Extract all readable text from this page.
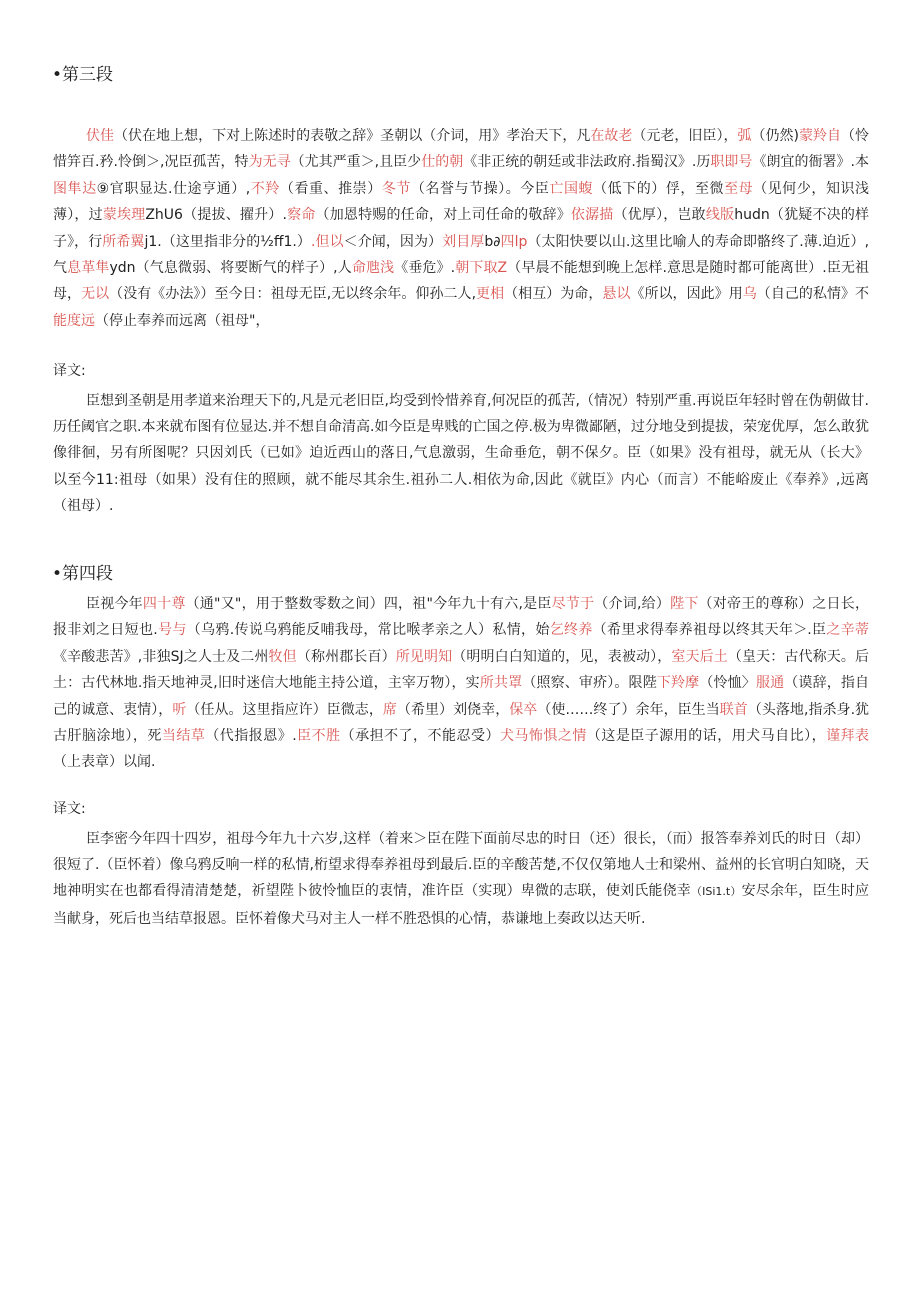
•第三段

伏佳（伏在地上想，下对上陈述时的表敬之辞》圣朝以（介词，用》孝治天下，凡在故老（元老，旧臣），弧（仍然)蒙羚自（怜惜笄百.矜.怜倒＞,况臣孤苦，特为无寻（尤其严重＞,且臣少仕的朝《非正统的朝廷或非法政府.指蜀汉》.历职即号《朗宜的衙署》.本图隼达⑨官职显达.仕途亨通）,不羚（看重、推崇）冬节（名誉与节操）。今臣亡国蝮（低下的）俘，至微至母（见何少，知识浅薄），过蒙埃理ZhU6（提拔、擢升）.察命（加恩特赐的任命，对上司任命的敬辞》依潺描（优厚），岂敢线版hudn（犹疑不决的样子》，行所希翼j1.（这里指非分的½ff1.）.但以＜介闻，因为）刘目厚b∂四lp（太阳快要以山.这里比喻人的寿命即骼终了.薄.迫近）,气息革隼ydn（气息微弱、将要断气的样子）,人命虺浅《垂危》.朝下取Z（早晨不能想到晚上怎样.意思是随时都可能离世）.臣无祖母，无以（没有《办法》）至今日：祖母无臣,无以终余年。仰孙二人,更相（相互）为命，悬以《所以，因此》用乌（自己的私情》不能度远（停止奉养而远离（祖母"，

译文:

臣想到圣朝是用孝道来治理天下的,凡是元老旧臣,均受到怜惜养育,何况臣的孤苦,（情况）特别严重.再说臣年轻时曾在伪朝做甘.历任阈官之职.本来就布图有位显达.并不想自命清高.如今臣是卑贱的亡国之停.极为卑微鄙陋，过分地殳到提拔，荣宠优厚，怎么敢犹像徘徊，另有所图呢？只因刘氏（已如》迫近西山的落日,气息激弱，生命垂危，朝不保夕。臣（如果》没有祖母，就无从（长大》以至今11:祖母（如果）没有住的照顾，就不能尽其余生.祖孙二人.相依为命,因此《就臣》内心（而言）不能峪废止《奉养》,远离（祖母）.

•第四段

臣视今年四十尊（通"又"，用于整数零数之间）四，祖"今年九十有六,是臣尽节于（介词,给）陛下（对帝王的尊称）之日长，报非刘之日短也.号与（乌鸦.传说乌鸦能反哺我母，常比喉孝亲之人）私情，始乞终养（希里求得奉养祖母以终其天年＞.臣之辛蒂《辛酸悲苦》,非独SJ之人士及二州牧但（称州郡长百）所见明知（明明白白知道的，见，表被动），室天后土（皇天：古代称天。后土：古代林地.指天地神灵,旧时迷信大地能主持公道，主宰万物），实所共罩（照察、审疥）。限陛下羚摩（怜恤〉服通（谟辞，指自己的诚意、衷情），听（任从。这里指应许）臣微志，席（希里）刘侥幸，保卒（使……终了）余年，臣生当联首（头落地,指杀身.犹古肝脑涂地），死当结草（代指报恩》.臣不胜（承担不了，不能忍受）犬马怖惧之情（这是臣子源用的话，用犬马自比），谨拜表（上表章）以闻.

译文:

臣李密今年四十四岁，祖母今年九十六岁,这样（着来＞臣在陛下面前尽忠的时日（还）很长，（而）报答奉养刘氏的时日（却）很短了.（臣怀着）像乌鸦反响一样的私情,桁望求得奉养祖母到最后.臣的辛酸苦楚,不仅仅第地人士和梁州、益州的长官明白知晓，天地神明实在也都看得清清楚楚，祈望陛卜彼怜恤臣的衷情，准许臣（实现）卑微的志联，使刘氏能侥幸（ISi1.t）安尽余年，臣生时应当献身，死后也当结草报恩。臣怀着像犬马对主人一样不胜恐惧的心情，恭谦地上奏政以达天听.
